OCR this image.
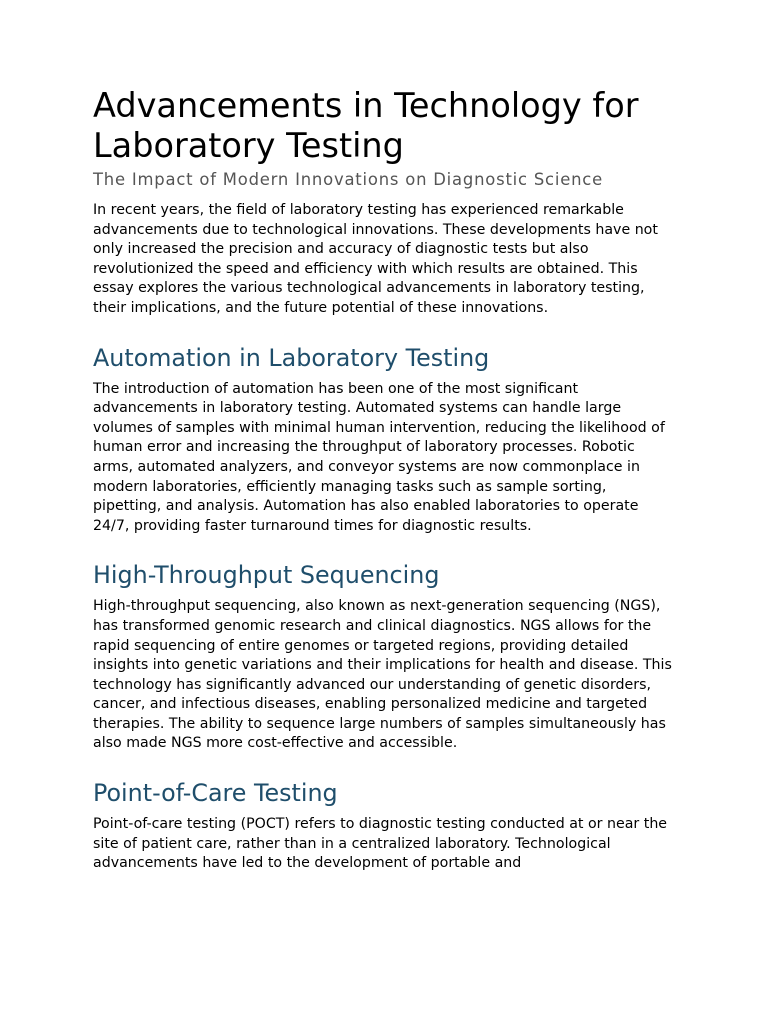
Advancements in Technology for Laboratory Testing
The Impact of Modern Innovations on Diagnostic Science

In recent years, the field of laboratory testing has experienced remarkable advancements due to technological innovations. These developments have not only increased the precision and accuracy of diagnostic tests but also revolutionized the speed and efficiency with which results are obtained. This essay explores the various technological advancements in laboratory testing, their implications, and the future potential of these innovations.

Automation in Laboratory Testing

The introduction of automation has been one of the most significant advancements in laboratory testing. Automated systems can handle large volumes of samples with minimal human intervention, reducing the likelihood of human error and increasing the throughput of laboratory processes. Robotic arms, automated analyzers, and conveyor systems are now commonplace in modern laboratories, efficiently managing tasks such as sample sorting, pipetting, and analysis. Automation has also enabled laboratories to operate 24/7, providing faster turnaround times for diagnostic results.

High-Throughput Sequencing

High-throughput sequencing, also known as next-generation sequencing (NGS), has transformed genomic research and clinical diagnostics. NGS allows for the rapid sequencing of entire genomes or targeted regions, providing detailed insights into genetic variations and their implications for health and disease. This technology has significantly advanced our understanding of genetic disorders, cancer, and infectious diseases, enabling personalized medicine and targeted therapies. The ability to sequence large numbers of samples simultaneously has also made NGS more cost-effective and accessible.

Point-of-Care Testing

Point-of-care testing (POCT) refers to diagnostic testing conducted at or near the site of patient care, rather than in a centralized laboratory. Technological advancements have led to the development of portable and
